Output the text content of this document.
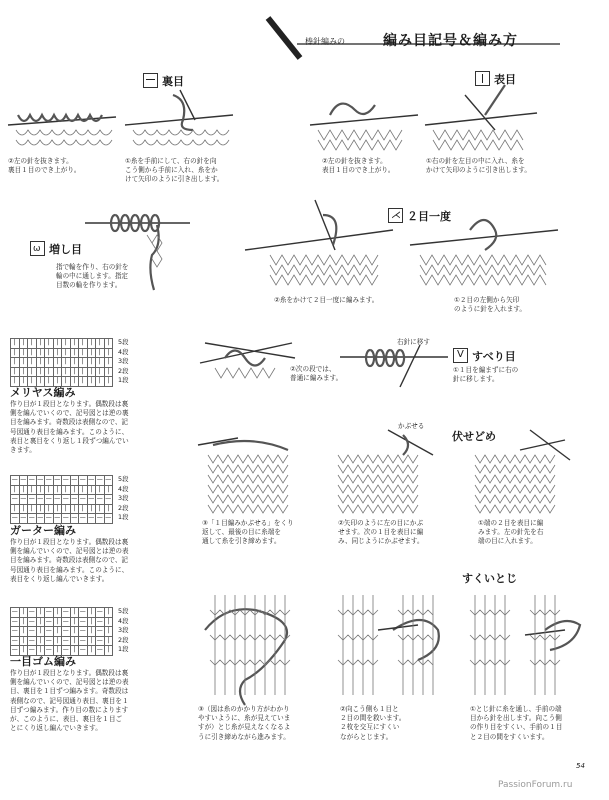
棒針編みの	編み目記号＆編み方
裏目
②左の針を抜きます。
裏目１目のでき上がり。
①糸を手前にして、右の針を向
こう側から手前に入れ、糸をか
けて矢印のように引き出します。
表目
②左の針を抜きます。
表目１目のでき上がり。
①右の針を左目の中に入れ、糸を
かけて矢印のように引き出します。
ω 増し目
指で輪を作り、右の針を
輪の中に通します。指定
目数の輪を作ります。
⋌ ２目一度
②糸をかけて２目一度に編みます。	①２目の左側から矢印
のように針を入れます。
|	|	|	|	|	|	|	|	|	|	|	|
|	|	|	|	|	|	|	|	|	|	|	|
|	|	|	|	|	|	|	|	|	|	|	|
|	|	|	|	|	|	|	|	|	|	|	|
|	|	|	|	|	|	|	|	|	|	|	|
5段
4段
3段
2段
1段
メリヤス編み
作り目が１段目となります。偶数段は裏
側を編んでいくので、記号図とは逆の裏
目を編みます。奇数段は表側なので、記
号図通り表目を編みます。このように、
表目と裏目をくり返し１段ずつ編んでい
きます。
②次の段では、
普通に編みます。
右針に移す
V すべり目
①１目を編まずに右の
針に移します。
—	—	—	—	—	—	—	—	—	—	—	—
|	|	|	|	|	|	|	|	|	|	|	|
—	—	—	—	—	—	—	—	—	—	—	—
|	|	|	|	|	|	|	|	|	|	|	|
—	—	—	—	—	—	—	—	—	—	—	—
5段
4段
3段
2段
1段
ガーター編み
作り目が１段目となります。偶数段は裏
側を編んでいくので、記号図とは逆の表
目を編みます。奇数段は表側なので、記
号図通り表目を編みます。このように、
表目をくり返し編んでいきます。
伏せどめ
かぶせる
③「１目編みかぶせる」をくり
返して、最後の目に糸端を
通して糸を引き締めます。
②矢印のように左の目にかぶ
せます。次の１目を表目に編
み、同じようにかぶせます。
①端の２目を表目に編
みます。左の針先を右
端の目に入れます。
—	|	—	|	—	|	—	|	—	|	—	|
—	|	—	|	—	|	—	|	—	|	—	|
—	|	—	|	—	|	—	|	—	|	—	|
—	|	—	|	—	|	—	|	—	|	—	|
—	|	—	|	—	|	—	|	—	|	—	|
5段
4段
3段
2段
1段
一目ゴム編み
作り目が１段目となります。偶数段は裏
側を編んでいくので、記号図とは逆の表
目、裏目を１目ずつ編みます。奇数段は
表側なので、記号図通り表目、裏目を１
目ずつ編みます。作り目の数によります
が、このように、表目、裏目を１目ご
とにくり返し編んでいきます。
すくいとじ
③（図は糸のかかり方がわかり
やすいように、糸が見えていま
すが）とじ糸が見えなくなるよ
うに引き締めながら進みます。
②向こう側も１目と
２目の間を救います。
２枚を交互にすくい
ながらとじます。
①とじ針に糸を通し、手前の端
目から針を出します。向こう側
の作り目をすくい、手前の１目
と２目の間をすくいます。
54
PassionForum.ru
